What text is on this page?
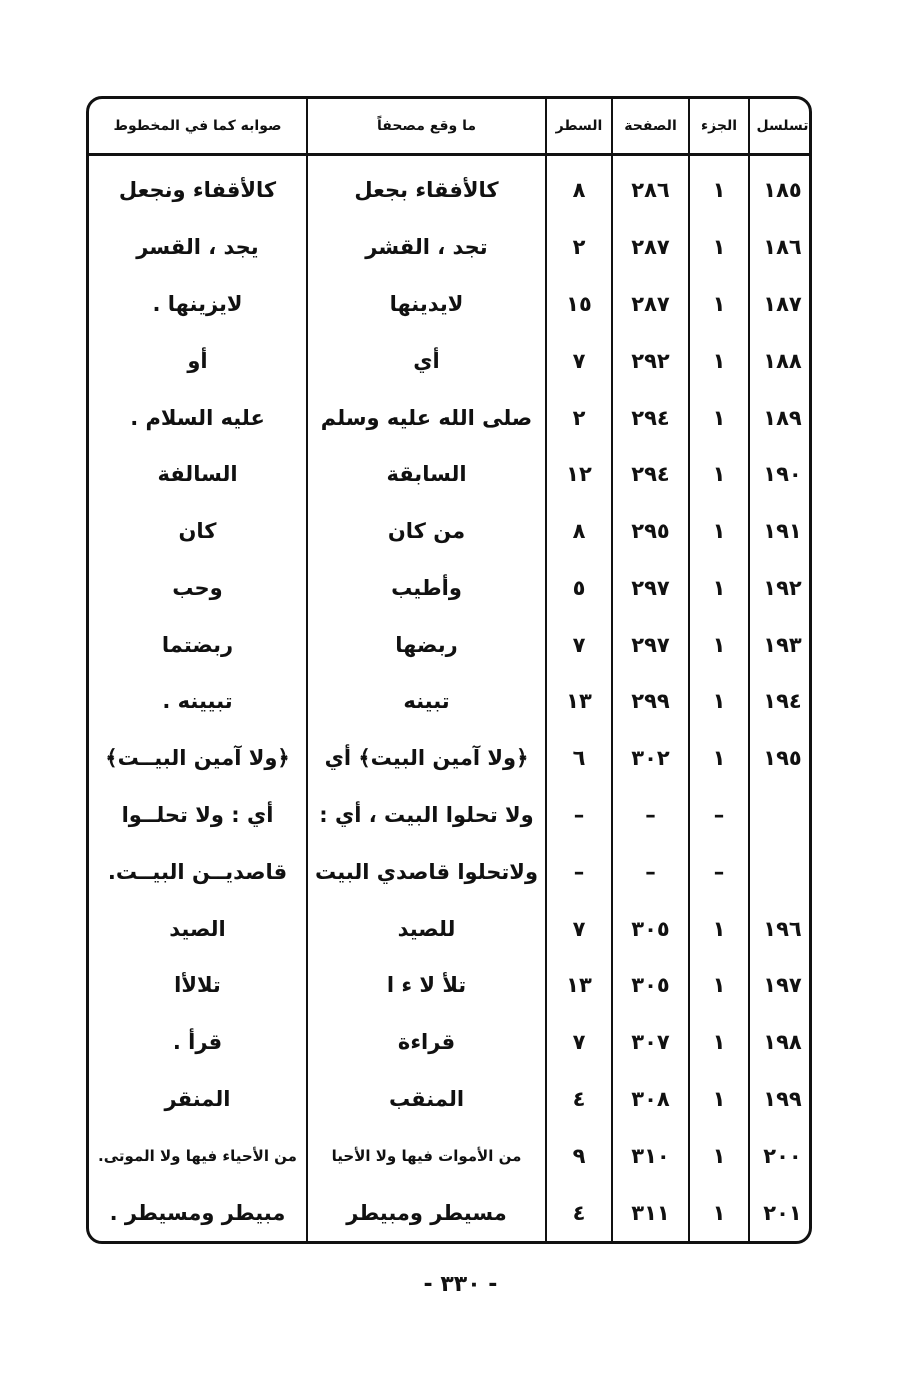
تسلسل	الجزء	الصفحة	السطر	ما وقع مصحفاً	صوابه كما في المخطوط
١٨٥	١	٢٨٦	٨	كالأفقاء بجعل	كالأقفاء ونجعل
١٨٦	١	٢٨٧	٢	تجد ، القشر	يجد ، القسر
١٨٧	١	٢٨٧	١٥	لايدينها	لايزينها .
١٨٨	١	٢٩٢	٧	أي	أو
١٨٩	١	٢٩٤	٢	صلى الله عليه وسلم	عليه السلام .
١٩٠	١	٢٩٤	١٢	السابقة	السالفة
١٩١	١	٢٩٥	٨	من كان	كان
١٩٢	١	٢٩٧	٥	وأطيب	وحب
١٩٣	١	٢٩٧	٧	ربضها	ربضتما
١٩٤	١	٢٩٩	١٣	تبينه	تبيينه .
١٩٥	١	٣٠٢	٦	﴿ولا آمين البيت﴾ أي	﴿ولا آمين البيــت﴾
	–	–	–	ولا تحلوا البيت ، أي :	أي : ولا تحلــوا
	–	–	–	ولاتحلوا قاصدي البيت	قاصديــن البيــت.
١٩٦	١	٣٠٥	٧	للصيد	الصيد
١٩٧	١	٣٠٥	١٣	تلأ لا ء ا	تلالأا
١٩٨	١	٣٠٧	٧	قراءة	قرأ .
١٩٩	١	٣٠٨	٤	المنقب	المنقر
٢٠٠	١	٣١٠	٩	من الأموات فيها ولا الأحيا	من الأحياء فيها ولا الموتى.
٢٠١	١	٣١١	٤	مسيطر ومبيطر	مبيطر ومسيطر .
- ٣٣٠ -
